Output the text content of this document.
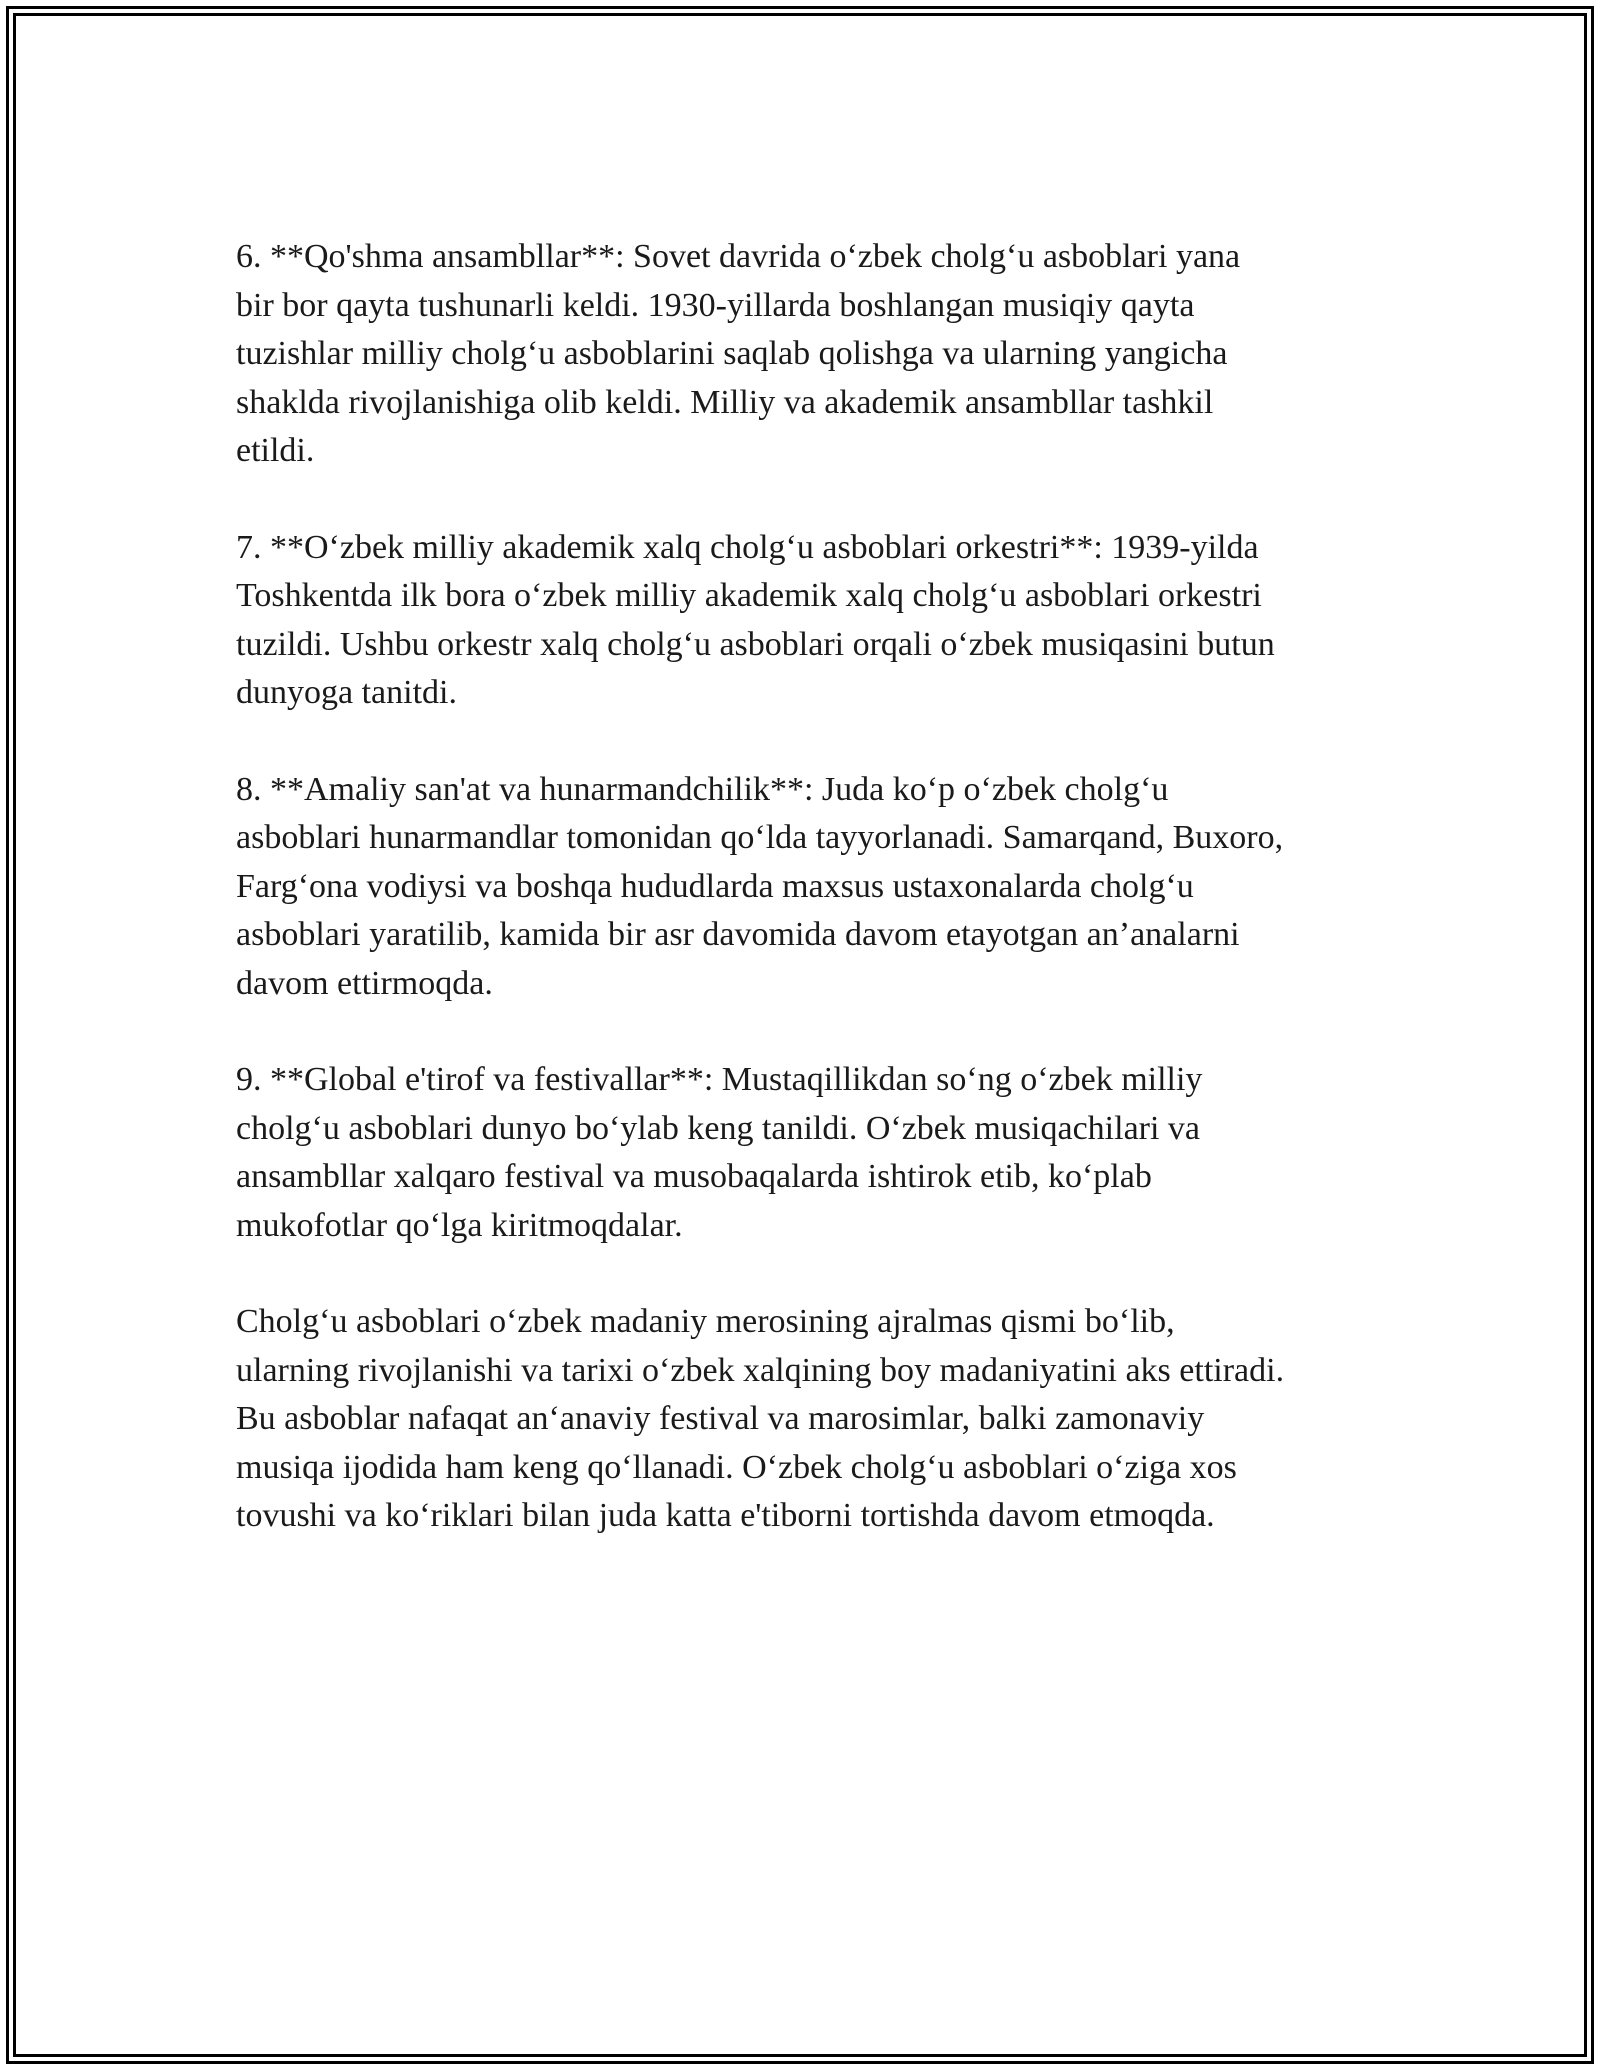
6. **Qo'shma ansambllar**: Sovet davrida o‘zbek cholg‘u asboblari yana
bir bor qayta tushunarli keldi. 1930-yillarda boshlangan musiqiy qayta
tuzishlar milliy cholg‘u asboblarini saqlab qolishga va ularning yangicha
shaklda rivojlanishiga olib keldi. Milliy va akademik ansambllar tashkil
etildi.

7. **O‘zbek milliy akademik xalq cholg‘u asboblari orkestri**: 1939-yilda
Toshkentda ilk bora o‘zbek milliy akademik xalq cholg‘u asboblari orkestri
tuzildi. Ushbu orkestr xalq cholg‘u asboblari orqali o‘zbek musiqasini butun
dunyoga tanitdi.

8. **Amaliy san'at va hunarmandchilik**: Juda ko‘p o‘zbek cholg‘u
asboblari hunarmandlar tomonidan qo‘lda tayyorlanadi. Samarqand, Buxoro,
Farg‘ona vodiysi va boshqa hududlarda maxsus ustaxonalarda cholg‘u
asboblari yaratilib, kamida bir asr davomida davom etayotgan an’analarni
davom ettirmoqda.

9. **Global e'tirof va festivallar**: Mustaqillikdan so‘ng o‘zbek milliy
cholg‘u asboblari dunyo bo‘ylab keng tanildi. O‘zbek musiqachilari va
ansambllar xalqaro festival va musobaqalarda ishtirok etib, ko‘plab
mukofotlar qo‘lga kiritmoqdalar.

Cholg‘u asboblari o‘zbek madaniy merosining ajralmas qismi bo‘lib,
ularning rivojlanishi va tarixi o‘zbek xalqining boy madaniyatini aks ettiradi.
Bu asboblar nafaqat an‘anaviy festival va marosimlar, balki zamonaviy
musiqa ijodida ham keng qo‘llanadi. O‘zbek cholg‘u asboblari o‘ziga xos
tovushi va ko‘riklari bilan juda katta e'tiborni tortishda davom etmoqda.
